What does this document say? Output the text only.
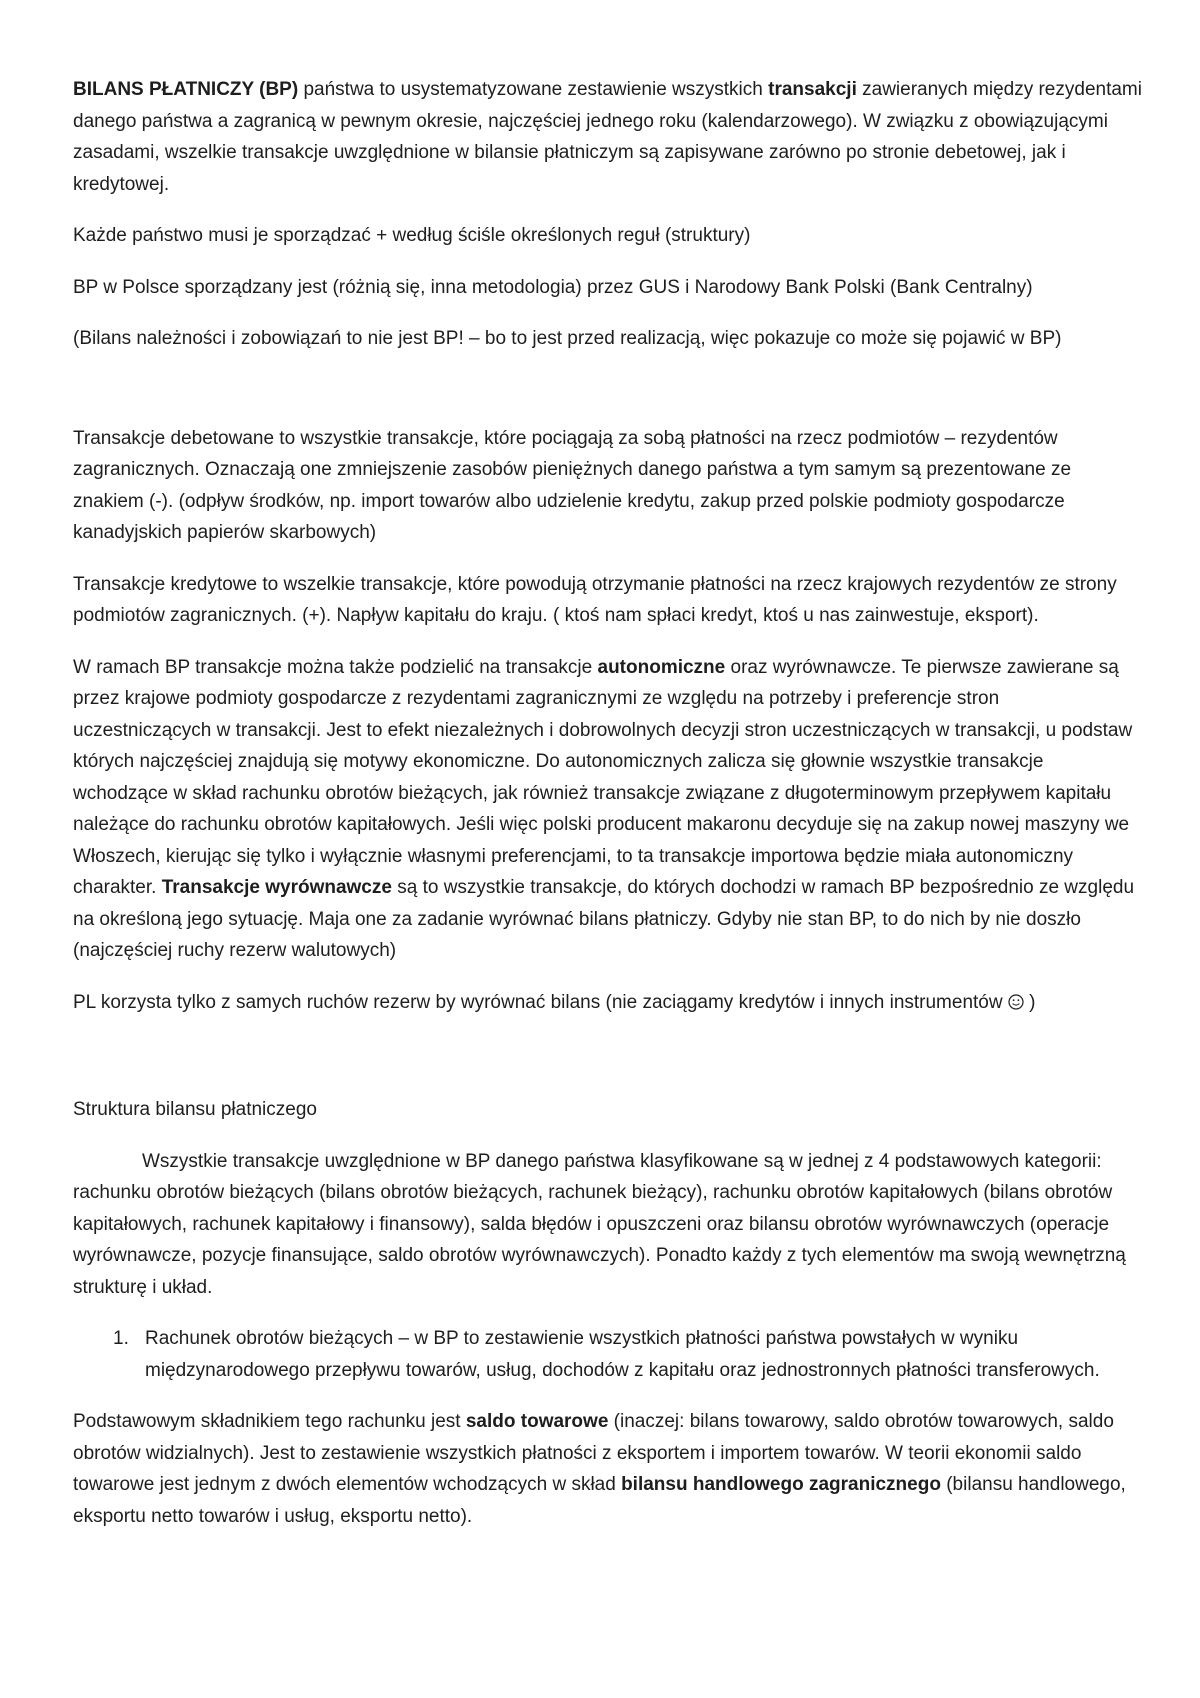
BILANS PŁATNICZY (BP) państwa to usystematyzowane zestawienie wszystkich transakcji zawieranych między rezydentami danego państwa a zagranicą w pewnym okresie, najczęściej jednego roku (kalendarzowego). W związku z obowiązującymi zasadami, wszelkie transakcje uwzględnione w bilansie płatniczym są zapisywane zarówno po stronie debetowej, jak i kredytowej.

Każde państwo musi je sporządzać + według ściśle określonych reguł (struktury)

BP w Polsce sporządzany jest (różnią się, inna metodologia) przez GUS i Narodowy Bank Polski (Bank Centralny)

(Bilans należności i zobowiązań to nie jest BP! – bo to jest przed realizacją, więc pokazuje co może się pojawić w BP)

Transakcje debetowane to wszystkie transakcje, które pociągają za sobą płatności na rzecz podmiotów – rezydentów zagranicznych. Oznaczają one zmniejszenie zasobów pieniężnych danego państwa a tym samym są prezentowane ze znakiem (-). (odpływ środków, np. import towarów albo udzielenie kredytu, zakup przed polskie podmioty gospodarcze kanadyjskich papierów skarbowych)

Transakcje kredytowe to wszelkie transakcje, które powodują otrzymanie płatności na rzecz krajowych rezydentów ze strony podmiotów zagranicznych. (+). Napływ kapitału do kraju. ( ktoś nam spłaci kredyt, ktoś u nas zainwestuje, eksport).

W ramach BP transakcje można także podzielić na transakcje autonomiczne oraz wyrównawcze. Te pierwsze zawierane są przez krajowe podmioty gospodarcze z rezydentami zagranicznymi ze względu na potrzeby i preferencje stron uczestniczących w transakcji. Jest to efekt niezależnych i dobrowolnych decyzji stron uczestniczących w transakcji, u podstaw których najczęściej znajdują się motywy ekonomiczne. Do autonomicznych zalicza się głownie wszystkie transakcje wchodzące w skład rachunku obrotów bieżących, jak również transakcje związane z długoterminowym przepływem kapitału należące do rachunku obrotów kapitałowych. Jeśli więc polski producent makaronu decyduje się na zakup nowej maszyny we Włoszech, kierując się tylko i wyłącznie własnymi preferencjami, to ta transakcje importowa będzie miała autonomiczny charakter. Transakcje wyrównawcze są to wszystkie transakcje, do których dochodzi w ramach BP bezpośrednio ze względu na określoną jego sytuację. Maja one za zadanie wyrównać bilans płatniczy. Gdyby nie stan BP, to do nich by nie doszło (najczęściej ruchy rezerw walutowych)

PL korzysta tylko z samych ruchów rezerw by wyrównać bilans (nie zaciągamy kredytów i innych instrumentów  )

Struktura bilansu płatniczego

Wszystkie transakcje uwzględnione w BP danego państwa klasyfikowane są w jednej z 4 podstawowych kategorii: rachunku obrotów bieżących (bilans obrotów bieżących, rachunek bieżący), rachunku obrotów kapitałowych (bilans obrotów kapitałowych, rachunek kapitałowy i finansowy), salda błędów i opuszczeni oraz bilansu obrotów wyrównawczych (operacje wyrównawcze, pozycje finansujące, saldo obrotów wyrównawczych). Ponadto każdy z tych elementów ma swoją wewnętrzną strukturę i układ.

1. Rachunek obrotów bieżących – w BP to zestawienie wszystkich płatności państwa powstałych w wyniku międzynarodowego przepływu towarów, usług, dochodów z kapitału oraz jednostronnych płatności transferowych.

Podstawowym składnikiem tego rachunku jest saldo towarowe (inaczej: bilans towarowy, saldo obrotów towarowych, saldo obrotów widzialnych). Jest to zestawienie wszystkich płatności z eksportem i importem towarów. W teorii ekonomii saldo towarowe jest jednym z dwóch elementów wchodzących w skład bilansu handlowego zagranicznego (bilansu handlowego, eksportu netto towarów i usług, eksportu netto).
